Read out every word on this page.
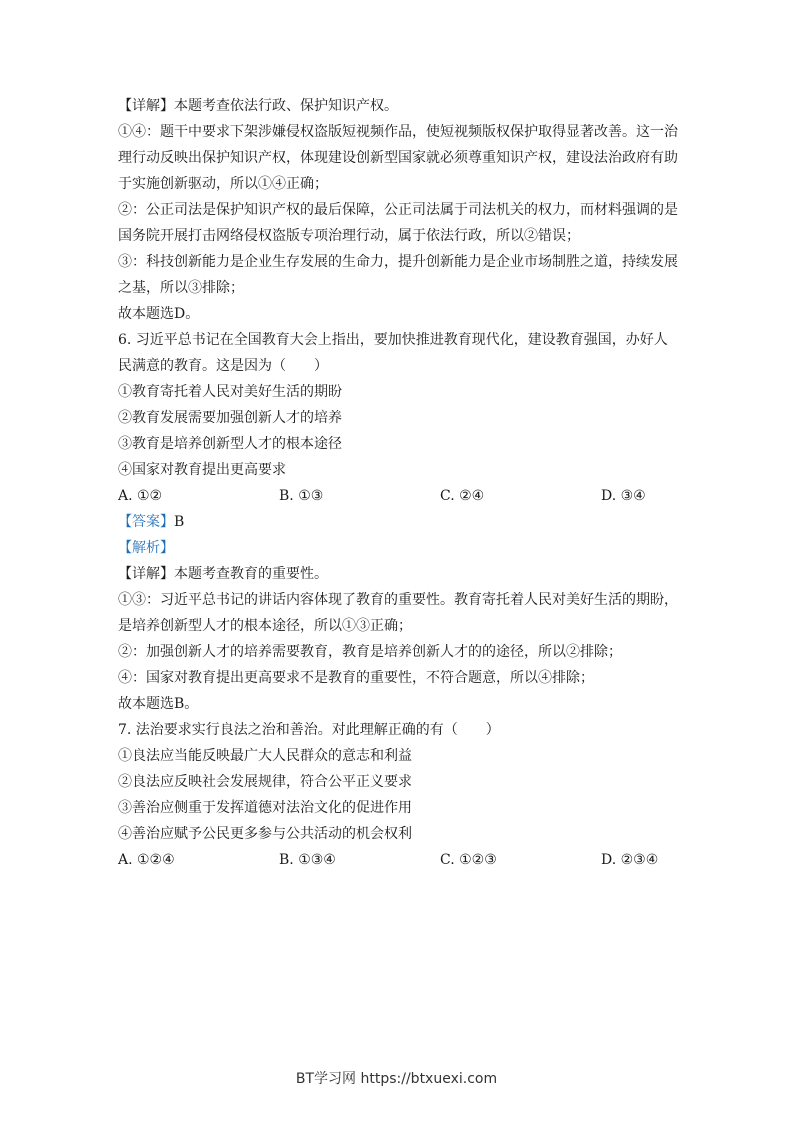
【详解】本题考查依法行政、保护知识产权。
①④：题干中要求下架涉嫌侵权盗版短视频作品，使短视频版权保护取得显著改善。这一治
理行动反映出保护知识产权，体现建设创新型国家就必须尊重知识产权，建设法治政府有助
于实施创新驱动，所以①④正确；
②：公正司法是保护知识产权的最后保障，公正司法属于司法机关的权力，而材料强调的是
国务院开展打击网络侵权盗版专项治理行动，属于依法行政，所以②错误；
③：科技创新能力是企业生存发展的生命力，提升创新能力是企业市场制胜之道，持续发展
之基，所以③排除；
故本题选D。
6. 习近平总书记在全国教育大会上指出，要加快推进教育现代化，建设教育强国，办好人
民满意的教育。这是因为（　　）
①教育寄托着人民对美好生活的期盼
②教育发展需要加强创新人才的培养
③教育是培养创新型人才的根本途径
④国家对教育提出更高要求
A. ①②	B. ①③	C. ②④	D. ③④
【答案】B
【解析】
【详解】本题考查教育的重要性。
①③：习近平总书记的讲话内容体现了教育的重要性。教育寄托着人民对美好生活的期盼，
是培养创新型人才的根本途径，所以①③正确；
②：加强创新人才的培养需要教育，教育是培养创新人才的的途径，所以②排除；
④：国家对教育提出更高要求不是教育的重要性，不符合题意，所以④排除；
故本题选B。
7. 法治要求实行良法之治和善治。对此理解正确的有（　　）
①良法应当能反映最广大人民群众的意志和利益
②良法应反映社会发展规律，符合公平正义要求
③善治应侧重于发挥道德对法治文化的促进作用
④善治应赋予公民更多参与公共活动的机会权利
A. ①②④	B. ①③④	C. ①②③	D. ②③④
BT学习网 https://btxuexi.com
